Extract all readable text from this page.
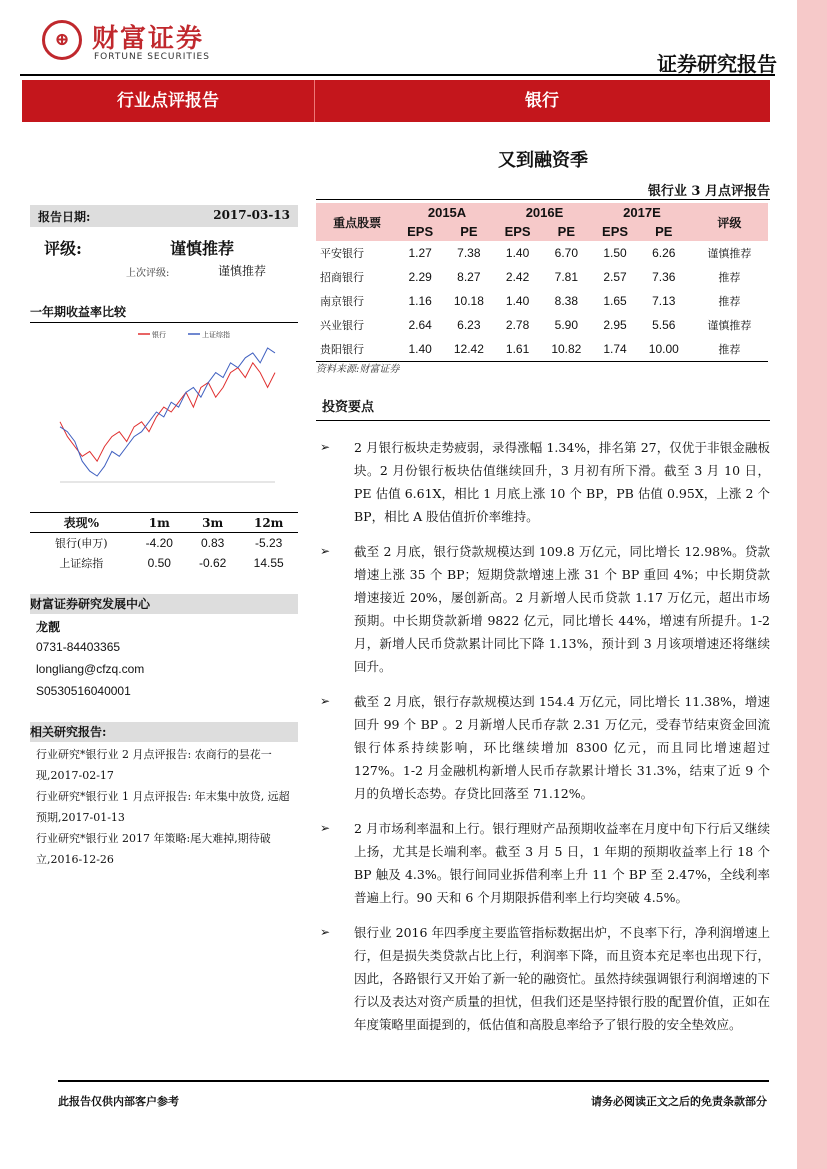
⊕ 财富证券
FORTUNE SECURITIES	证券研究报告
行业点评报告	银行
又到融资季
银行业 3 月点评报告
报告日期:	2017-03-13
评级:	谨慎推荐
上次评级:	谨慎推荐
一年期收益率比较
银行	上证综指
表现%	1m	3m	12m
银行(申万)	-4.20	0.83	-5.23
上证综指	0.50	-0.62	14.55
财富证券研究发展中心
龙靓
0731-84403365
longliang@cfzq.com
S0530516040001
相关研究报告:
行业研究*银行业 2 月点评报告: 农商行的昙花一现,2017-02-17
行业研究*银行业 1 月点评报告: 年末集中放贷, 远超预期,2017-01-13
行业研究*银行业 2017 年策略:尾大难掉,期待破立,2016-12-26
重点股票	2015A		2016E		2017E		评级
	EPS	PE	EPS	PE	EPS	PE	
平安银行	1.27	7.38	1.40	6.70	1.50	6.26	谨慎推荐
招商银行	2.29	8.27	2.42	7.81	2.57	7.36	推荐
南京银行	1.16	10.18	1.40	8.38	1.65	7.13	推荐
兴业银行	2.64	6.23	2.78	5.90	2.95	5.56	谨慎推荐
贵阳银行	1.40	12.42	1.61	10.82	1.74	10.00	推荐
资料来源:财富证券
投资要点
➢ 2 月银行板块走势疲弱，录得涨幅 1.34%，排名第 27，仅优于非银金融板块。2 月份银行板块估值继续回升，3 月初有所下滑。截至 3 月 10 日，PE 估值 6.61X，相比 1 月底上涨 10 个 BP，PB 估值 0.95X，上涨 2 个 BP，相比 A 股估值折价率维持。
➢ 截至 2 月底，银行贷款规模达到 109.8 万亿元，同比增长 12.98%。贷款增速上涨 35 个 BP；短期贷款增速上涨 31 个 BP 重回 4%；中长期贷款增速接近 20%，屡创新高。2 月新增人民币贷款 1.17 万亿元，超出市场预期。中长期贷款新增 9822 亿元，同比增长 44%，增速有所提升。1-2 月，新增人民币贷款累计同比下降 1.13%，预计到 3 月该项增速还将继续回升。
➢ 截至 2 月底，银行存款规模达到 154.4 万亿元，同比增长 11.38%，增速回升 99 个 BP 。2 月新增人民币存款 2.31 万亿元，受春节结束资金回流银行体系持续影响，环比继续增加 8300 亿元，而且同比增速超过 127%。1-2 月金融机构新增人民币存款累计增长 31.3%，结束了近 9 个月的负增长态势。存贷比回落至 71.12%。
➢ 2 月市场利率温和上行。银行理财产品预期收益率在月度中旬下行后又继续上扬，尤其是长端利率。截至 3 月 5 日，1 年期的预期收益率上行 18 个 BP 触及 4.3%。银行间同业拆借利率上升 11 个 BP 至 2.47%，全线利率普遍上行。90 天和 6 个月期限拆借利率上行均突破 4.5%。
➢ 银行业 2016 年四季度主要监管指标数据出炉，不良率下行，净利润增速上行，但是损失类贷款占比上行，利润率下降，而且资本充足率也出现下行，因此，各路银行又开始了新一轮的融资忙。虽然持续强调银行利润增速的下行以及表达对资产质量的担忧，但我们还是坚持银行股的配置价值，正如在年度策略里面提到的，低估值和高股息率给予了银行股的安全垫效应。
此报告仅供内部客户参考	请务必阅读正文之后的免责条款部分
